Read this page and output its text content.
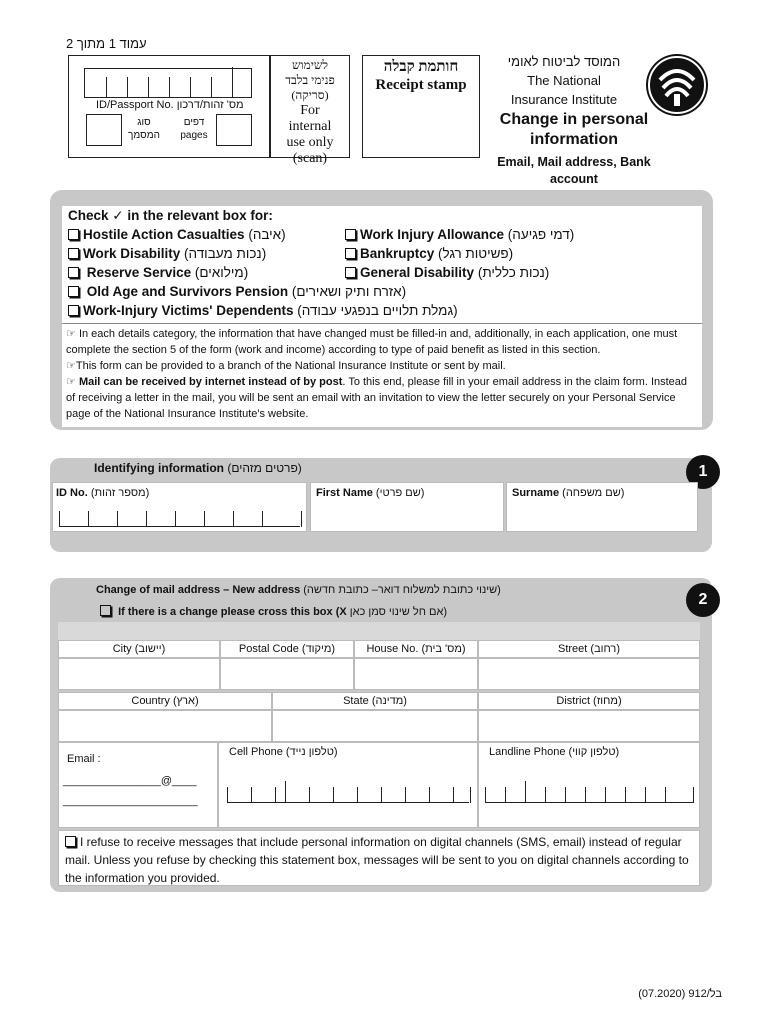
עמוד 1 מתוך 2
ID/Passport No. מס' זהות/דרכון
סוג
המסמך
דפים
pages
לשימוש
פנימי בלבד
(סריקה)
For
internal
use only
(scan)
חותמת קבלה
Receipt stamp
המוסד לביטוח לאומי
The National
Insurance Institute
Change in personal
information
Email, Mail address, Bank
account
Check ✓ in the relevant box for:
Hostile Action Casualties (איבה)
Work Disability (נכות מעבודה)
Reserve Service (מילואים)
Old Age and Survivors Pension (אזרח ותיק ושאירים)
Work-Injury Victims' Dependents (גמלת תלויים בנפגעי עבודה)
Work Injury Allowance (דמי פגיעה)
Bankruptcy (פשיטות רגל)
General Disability (נכות כללית)
☞ In each details category, the information that have changed must be filled-in and, additionally, in each application, one must complete the section 5 of the form (work and income) according to type of paid benefit as listed in this section.
☞This form can be provided to a branch of the National Insurance Institute or sent by mail.
☞ Mail can be received by internet instead of by post. To this end, please fill in your email address in the claim form. Instead of receiving a letter in the mail, you will be sent an email with an invitation to view the letter securely on your Personal Service page of the National Insurance Institute's website.
Identifying information (פרטים מזהים)	1
ID No. (מספר זהות)	First Name (שם פרטי)	Surname (שם משפחה)
Change of mail address – New address (שינוי כתובת למשלוח דואר– כתובת חדשה)
If there is a change please cross this box (X אם חל שינוי סמן כאן)
2
City (יישוב)	Postal Code (מיקוד)	House No. (מס' בית)	Street (רחוב)
Country (ארץ)	State (מדינה)	District (מחוז)
Email :
________________@____
______________________
Cell Phone (טלפון נייד)	Landline Phone (טלפון קווי)
I refuse to receive messages that include personal information on digital channels (SMS, email) instead of regular mail. Unless you refuse by checking this statement box, messages will be sent to you on digital channels according to the information you provided.
בל/912 (07.2020)
